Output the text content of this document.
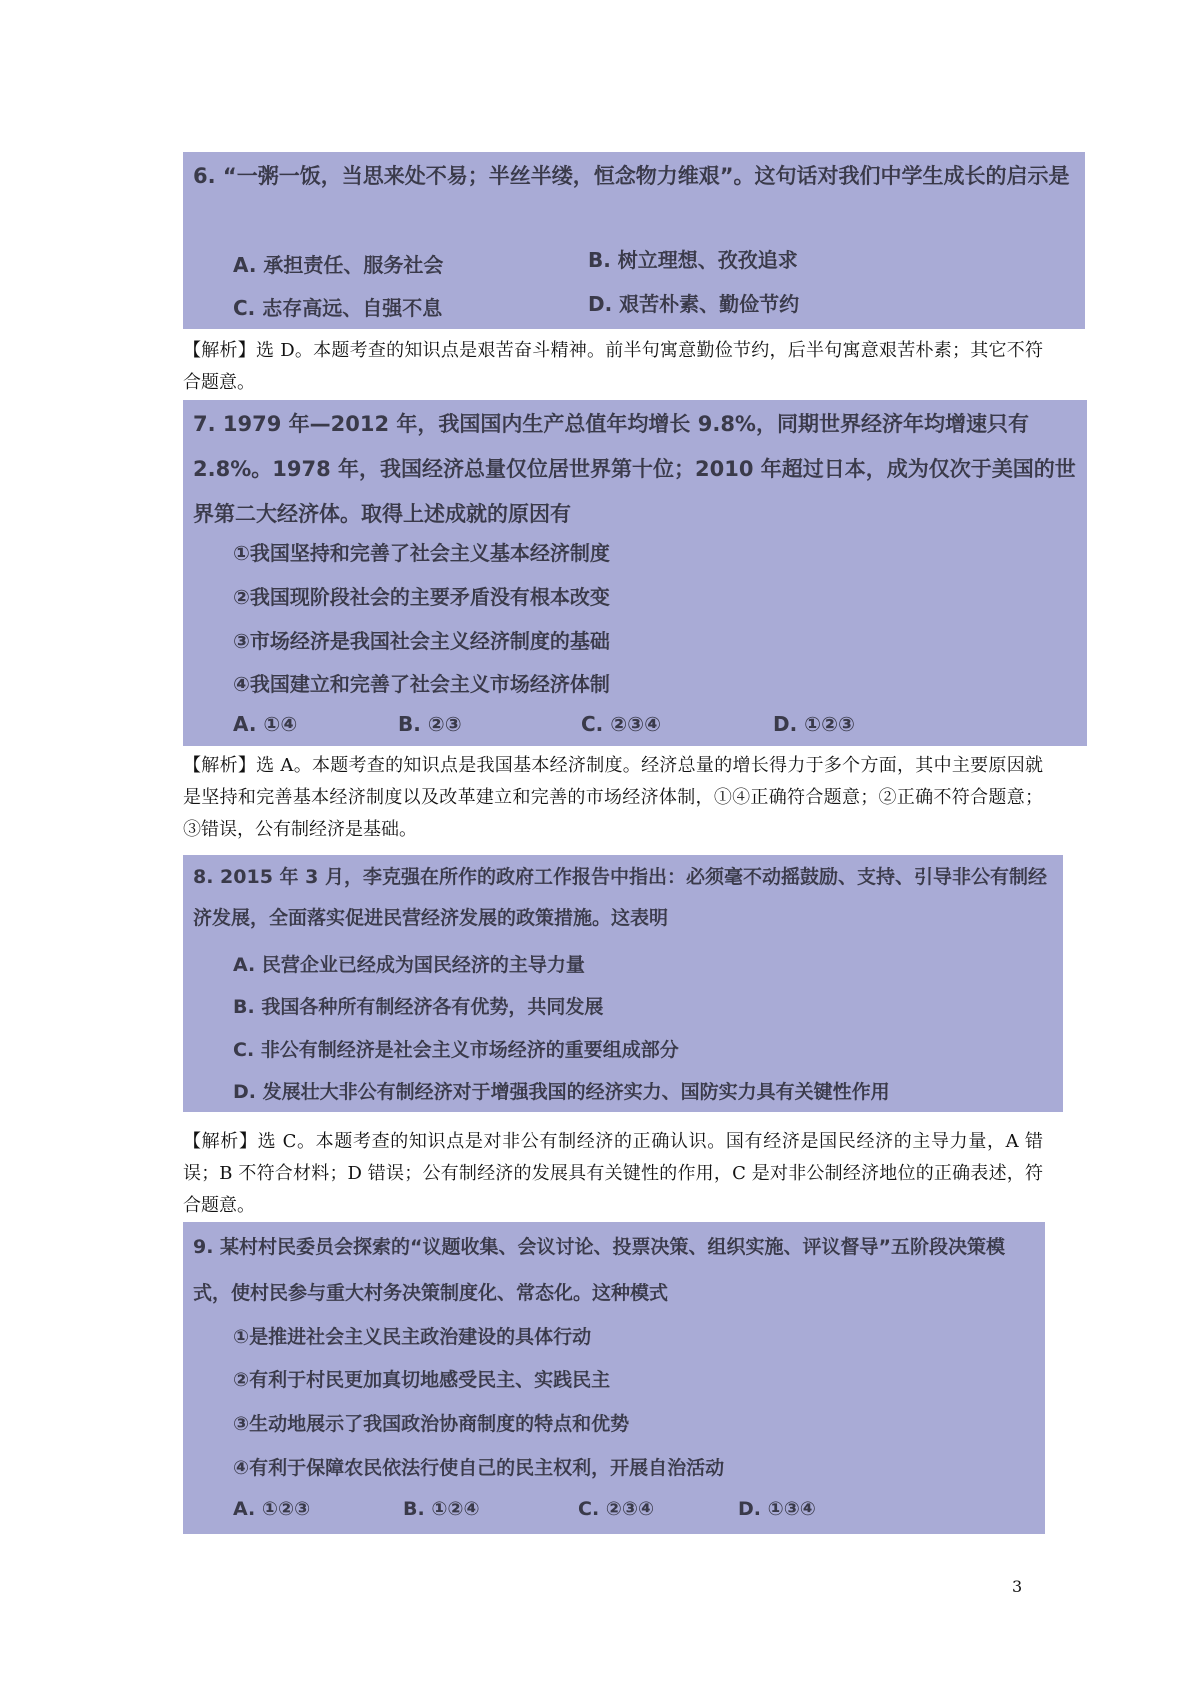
6. “一粥一饭，当思来处不易；半丝半缕，恒念物力维艰”。这句话对我们中学生成长的启示是
A. 承担责任、服务社会	B. 树立理想、孜孜追求
C. 志存高远、自强不息	D. 艰苦朴素、勤俭节约
【解析】选 D。本题考查的知识点是艰苦奋斗精神。前半句寓意勤俭节约，后半句寓意艰苦朴素；其它不符合题意。
7. 1979 年—2012 年，我国国内生产总值年均增长 9.8%，同期世界经济年均增速只有 2.8%。1978 年，我国经济总量仅位居世界第十位；2010 年超过日本，成为仅次于美国的世界第二大经济体。取得上述成就的原因有
①我国坚持和完善了社会主义基本经济制度
②我国现阶段社会的主要矛盾没有根本改变
③市场经济是我国社会主义经济制度的基础
④我国建立和完善了社会主义市场经济体制
A. ①④	B. ②③	C. ②③④	D. ①②③
【解析】选 A。本题考查的知识点是我国基本经济制度。经济总量的增长得力于多个方面，其中主要原因就是坚持和完善基本经济制度以及改革建立和完善的市场经济体制，①④正确符合题意；②正确不符合题意；③错误，公有制经济是基础。
8. 2015 年 3 月，李克强在所作的政府工作报告中指出：必须毫不动摇鼓励、支持、引导非公有制经济发展，全面落实促进民营经济发展的政策措施。这表明
A. 民营企业已经成为国民经济的主导力量
B. 我国各种所有制经济各有优势，共同发展
C. 非公有制经济是社会主义市场经济的重要组成部分
D. 发展壮大非公有制经济对于增强我国的经济实力、国防实力具有关键性作用
【解析】选 C。本题考查的知识点是对非公有制经济的正确认识。国有经济是国民经济的主导力量，A 错误；B 不符合材料；D 错误；公有制经济的发展具有关键性的作用，C 是对非公制经济地位的正确表述，符合题意。
9. 某村村民委员会探索的“议题收集、会议讨论、投票决策、组织实施、评议督导”五阶段决策模式，使村民参与重大村务决策制度化、常态化。这种模式
①是推进社会主义民主政治建设的具体行动
②有利于村民更加真切地感受民主、实践民主
③生动地展示了我国政治协商制度的特点和优势
④有利于保障农民依法行使自己的民主权利，开展自治活动
A. ①②③	B. ①②④	C. ②③④	D. ①③④
3
